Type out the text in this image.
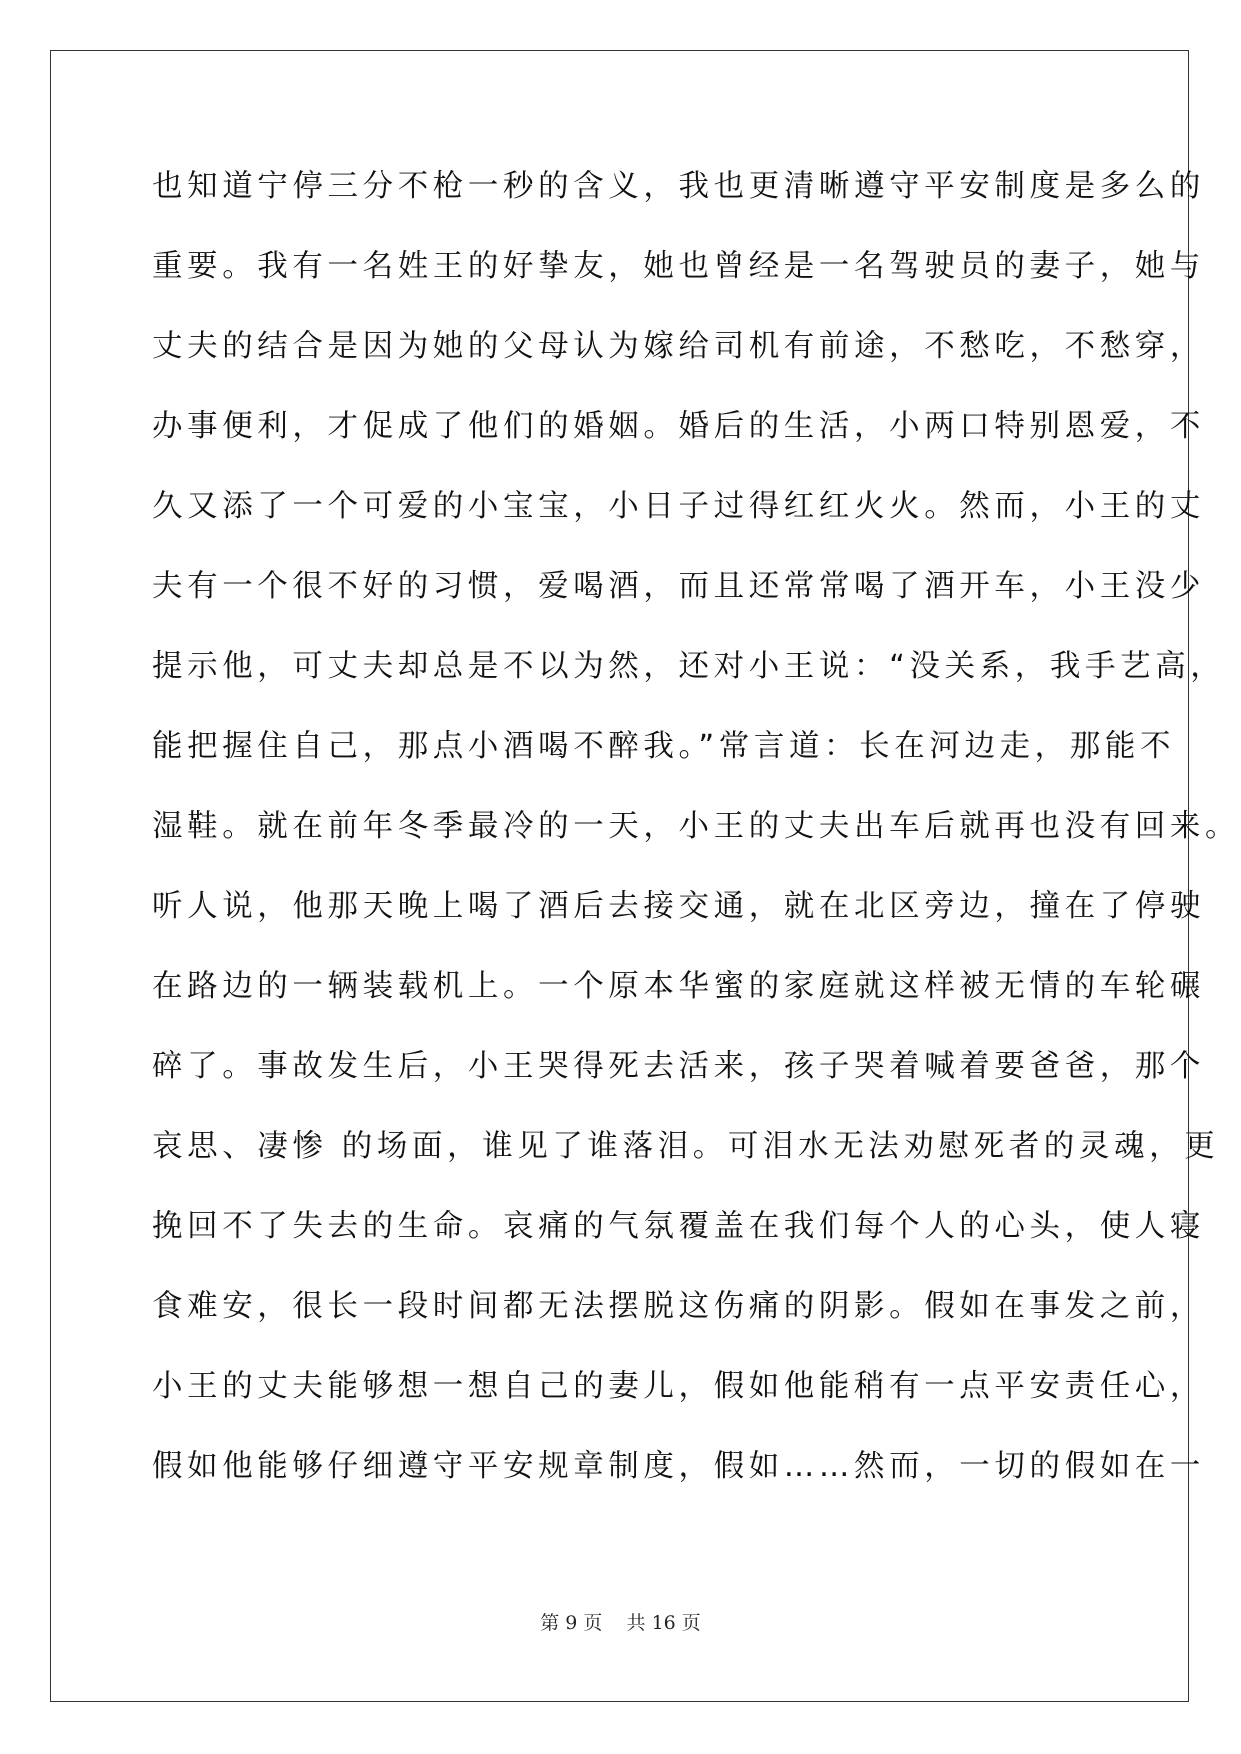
也知道宁停三分不枪一秒的含义，我也更清晰遵守平安制度是多么的
重要。我有一名姓王的好挚友，她也曾经是一名驾驶员的妻子，她与
丈夫的结合是因为她的父母认为嫁给司机有前途，不愁吃，不愁穿，
办事便利，才促成了他们的婚姻。婚后的生活，小两口特别恩爱，不
久又添了一个可爱的小宝宝，小日子过得红红火火。然而，小王的丈
夫有一个很不好的习惯，爱喝酒，而且还常常喝了酒开车，小王没少
提示他，可丈夫却总是不以为然，还对小王说：“没关系，我手艺高，
能把握住自己，那点小酒喝不醉我。”常言道：长在河边走，那能不
湿鞋。就在前年冬季最冷的一天，小王的丈夫出车后就再也没有回来。
听人说，他那天晚上喝了酒后去接交通，就在北区旁边，撞在了停驶
在路边的一辆装载机上。一个原本华蜜的家庭就这样被无情的车轮碾
碎了。事故发生后，小王哭得死去活来，孩子哭着喊着要爸爸，那个
哀思、凄惨 的场面，谁见了谁落泪。可泪水无法劝慰死者的灵魂，更
挽回不了失去的生命。哀痛的气氛覆盖在我们每个人的心头，使人寝
食难安，很长一段时间都无法摆脱这伤痛的阴影。假如在事发之前，
小王的丈夫能够想一想自己的妻儿，假如他能稍有一点平安责任心，
假如他能够仔细遵守平安规章制度，假如……然而，一切的假如在一
第 9 页 共 16 页
